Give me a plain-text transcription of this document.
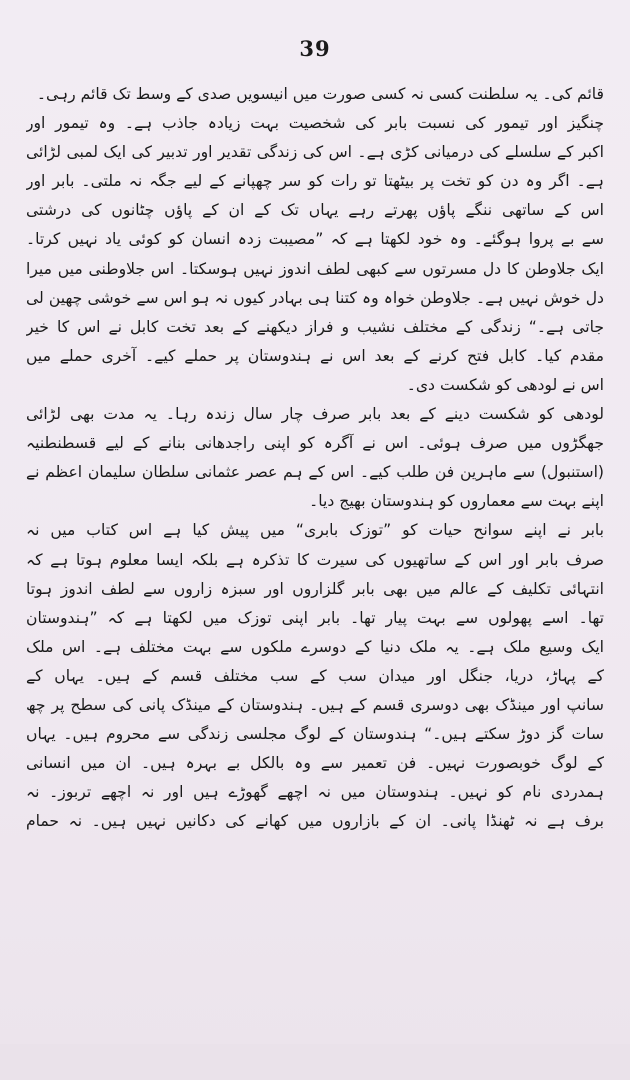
39
قائم کی۔ یہ سلطنت کسی نہ کسی صورت میں انیسویں صدی کے وسط تک قائم رہی۔
چنگیز اور تیمور کی نسبت بابر کی شخصیت بہت زیادہ جاذب ہے۔ وہ تیمور اور
اکبر کے سلسلے کی درمیانی کڑی ہے۔ اس کی زندگی تقدیر اور تدبیر کی ایک لمبی لڑائی
ہے۔ اگر وہ دن کو تخت پر بیٹھتا تو رات کو سر چھپانے کے لیے جگہ نہ ملتی۔ بابر اور
اس کے ساتھی ننگے پاؤں پھرتے رہے یہاں تک کے ان کے پاؤں چٹانوں کی درشتی
سے بے پروا ہوگئے۔ وہ خود لکھتا ہے کہ ”مصیبت زدہ انسان کو کوئی یاد نہیں کرتا۔
ایک جلاوطن کا دل مسرتوں سے کبھی لطف اندوز نہیں ہوسکتا۔ اس جلاوطنی میں میرا
دل خوش نہیں ہے۔ جلاوطن خواہ وہ کتنا ہی بہادر کیوں نہ ہو اس سے خوشی چھین لی
جاتی ہے۔“ زندگی کے مختلف نشیب و فراز دیکھنے کے بعد تخت کابل نے اس کا خیر
مقدم کیا۔ کابل فتح کرنے کے بعد اس نے ہندوستان پر حملے کیے۔ آخری حملے میں
اس نے لودھی کو شکست دی۔
لودھی کو شکست دینے کے بعد بابر صرف چار سال زندہ رہا۔ یہ مدت بھی لڑائی
جھگڑوں میں صرف ہوئی۔ اس نے آگرہ کو اپنی راجدھانی بنانے کے لیے قسطنطنیہ
(استنبول) سے ماہرین فن طلب کیے۔ اس کے ہم عصر عثمانی سلطان سلیمان اعظم نے
اپنے بہت سے معماروں کو ہندوستان بھیج دیا۔
بابر نے اپنے سوانح حیات کو ”توزک بابری“ میں پیش کیا ہے اس کتاب میں نہ
صرف بابر اور اس کے ساتھیوں کی سیرت کا تذکرہ ہے بلکہ ایسا معلوم ہوتا ہے کہ
انتہائی تکلیف کے عالم میں بھی بابر گلزاروں اور سبزہ زاروں سے لطف اندوز ہوتا
تھا۔ اسے پھولوں سے بہت پیار تھا۔ بابر اپنی توزک میں لکھتا ہے کہ ”ہندوستان
ایک وسیع ملک ہے۔ یہ ملک دنیا کے دوسرے ملکوں سے بہت مختلف ہے۔ اس ملک
کے پہاڑ، دریا، جنگل اور میدان سب کے سب مختلف قسم کے ہیں۔ یہاں کے
سانپ اور مینڈک بھی دوسری قسم کے ہیں۔ ہندوستان کے مینڈک پانی کی سطح پر چھ
سات گز دوڑ سکتے ہیں۔“ ہندوستان کے لوگ مجلسی زندگی سے محروم ہیں۔ یہاں
کے لوگ خوبصورت نہیں۔ فن تعمیر سے وہ بالکل بے بہرہ ہیں۔ ان میں انسانی
ہمدردی نام کو نہیں۔ ہندوستان میں نہ اچھے گھوڑے ہیں اور نہ اچھے تربوز۔ نہ
برف ہے نہ ٹھنڈا پانی۔ ان کے بازاروں میں کھانے کی دکانیں نہیں ہیں۔ نہ حمام
